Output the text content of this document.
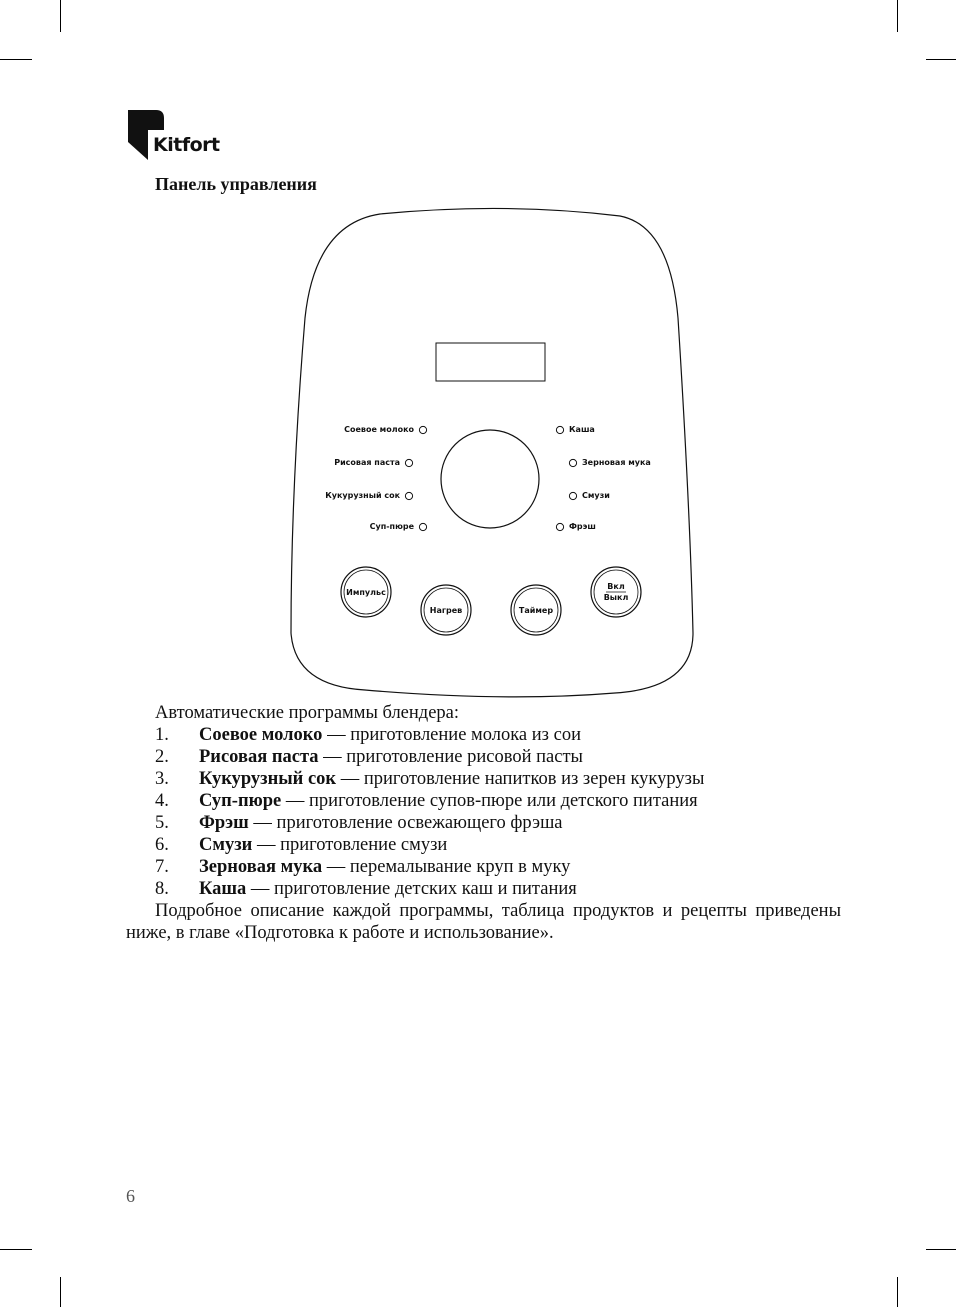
Kitfort
Панель управления
Соевое молоко
Рисовая паста
Кукурузный сок
Суп-пюре
Каша
Зерновая мука
Смузи
Фрэш
Импульс
Нагрев	Таймер
Вкл
Выкл
Автоматические программы блендера:
1.	Соевое молоко — приготовление молока из сои
2.	Рисовая паста — приготовление рисовой пасты
3.	Кукурузный сок — приготовление напитков из зерен кукурузы
4.	Суп-пюре — приготовление супов-пюре или детского питания
5.	Фрэш — приготовление освежающего фрэша
6.	Смузи — приготовление смузи
7.	Зерновая мука — перемалывание круп в муку
8.	Каша — приготовление детских каш и питания

Подробное описание каждой программы, таблица продуктов и рецепты приведены ниже, в главе «Подготовка к работе и использование».

6
